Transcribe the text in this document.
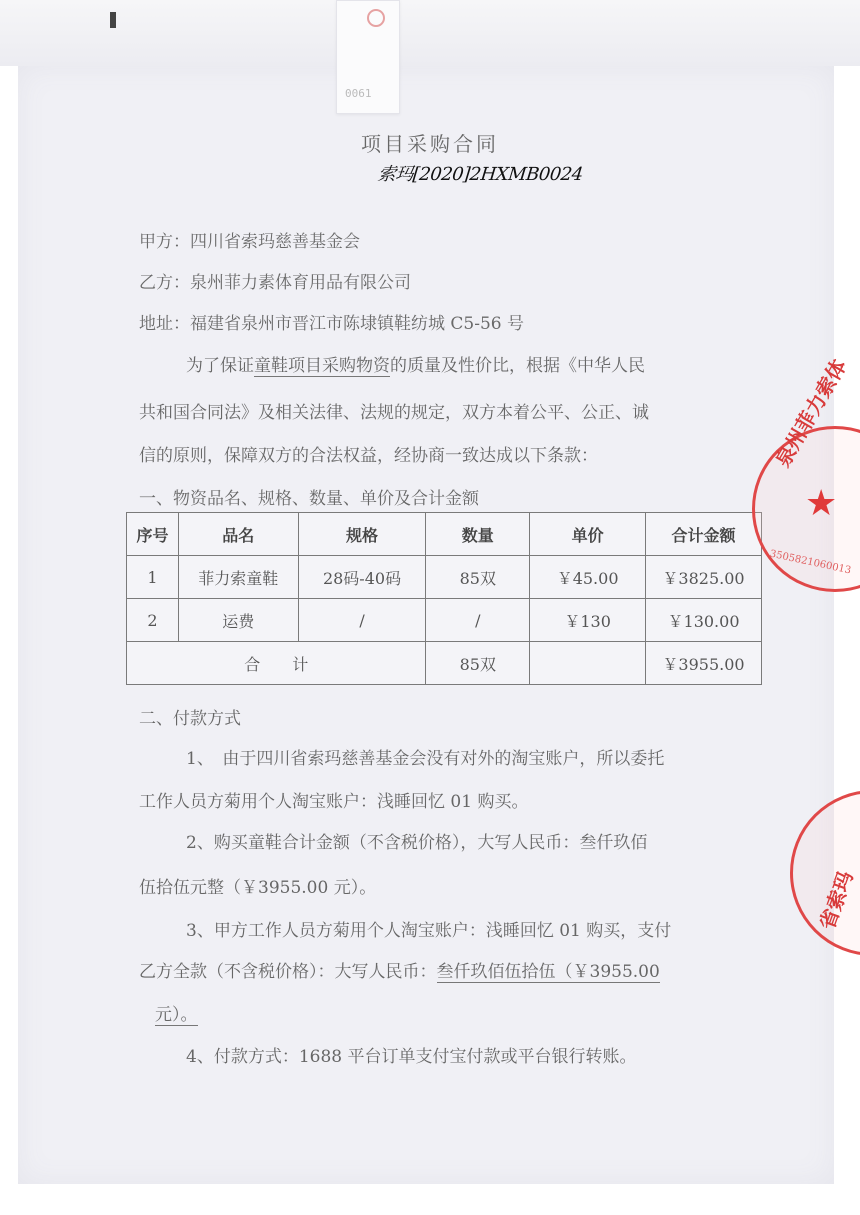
0061
项目采购合同
索玛[2020]2HXMB0024
甲方：四川省索玛慈善基金会
乙方：泉州菲力素体育用品有限公司
地址：福建省泉州市晋江市陈埭镇鞋纺城 C5-56 号
为了保证童鞋项目采购物资的质量及性价比，根据《中华人民
共和国合同法》及相关法律、法规的规定，双方本着公平、公正、诚
信的原则，保障双方的合法权益，经协商一致达成以下条款：
一、物资品名、规格、数量、单价及合计金额
序号	品名	规格	数量	单价	合计金额
1	菲力索童鞋	28码-40码	85双	￥45.00	￥3825.00
2	运费	/	/	￥130	￥130.00
合　　计			85双		￥3955.00
二、付款方式
1、　由于四川省索玛慈善基金会没有对外的淘宝账户，所以委托
工作人员方菊用个人淘宝账户：浅睡回忆 01 购买。
2、购买童鞋合计金额（不含税价格），大写人民币：叁仟玖佰
伍拾伍元整（￥3955.00 元）。
3、甲方工作人员方菊用个人淘宝账户：浅睡回忆 01 购买，支付
乙方全款（不含税价格）：大写人民币：叁仟玖佰伍拾伍（￥3955.00
元）。
4、付款方式：1688 平台订单支付宝付款或平台银行转账。
泉州菲力索体
★
3505821060013
省索玛
